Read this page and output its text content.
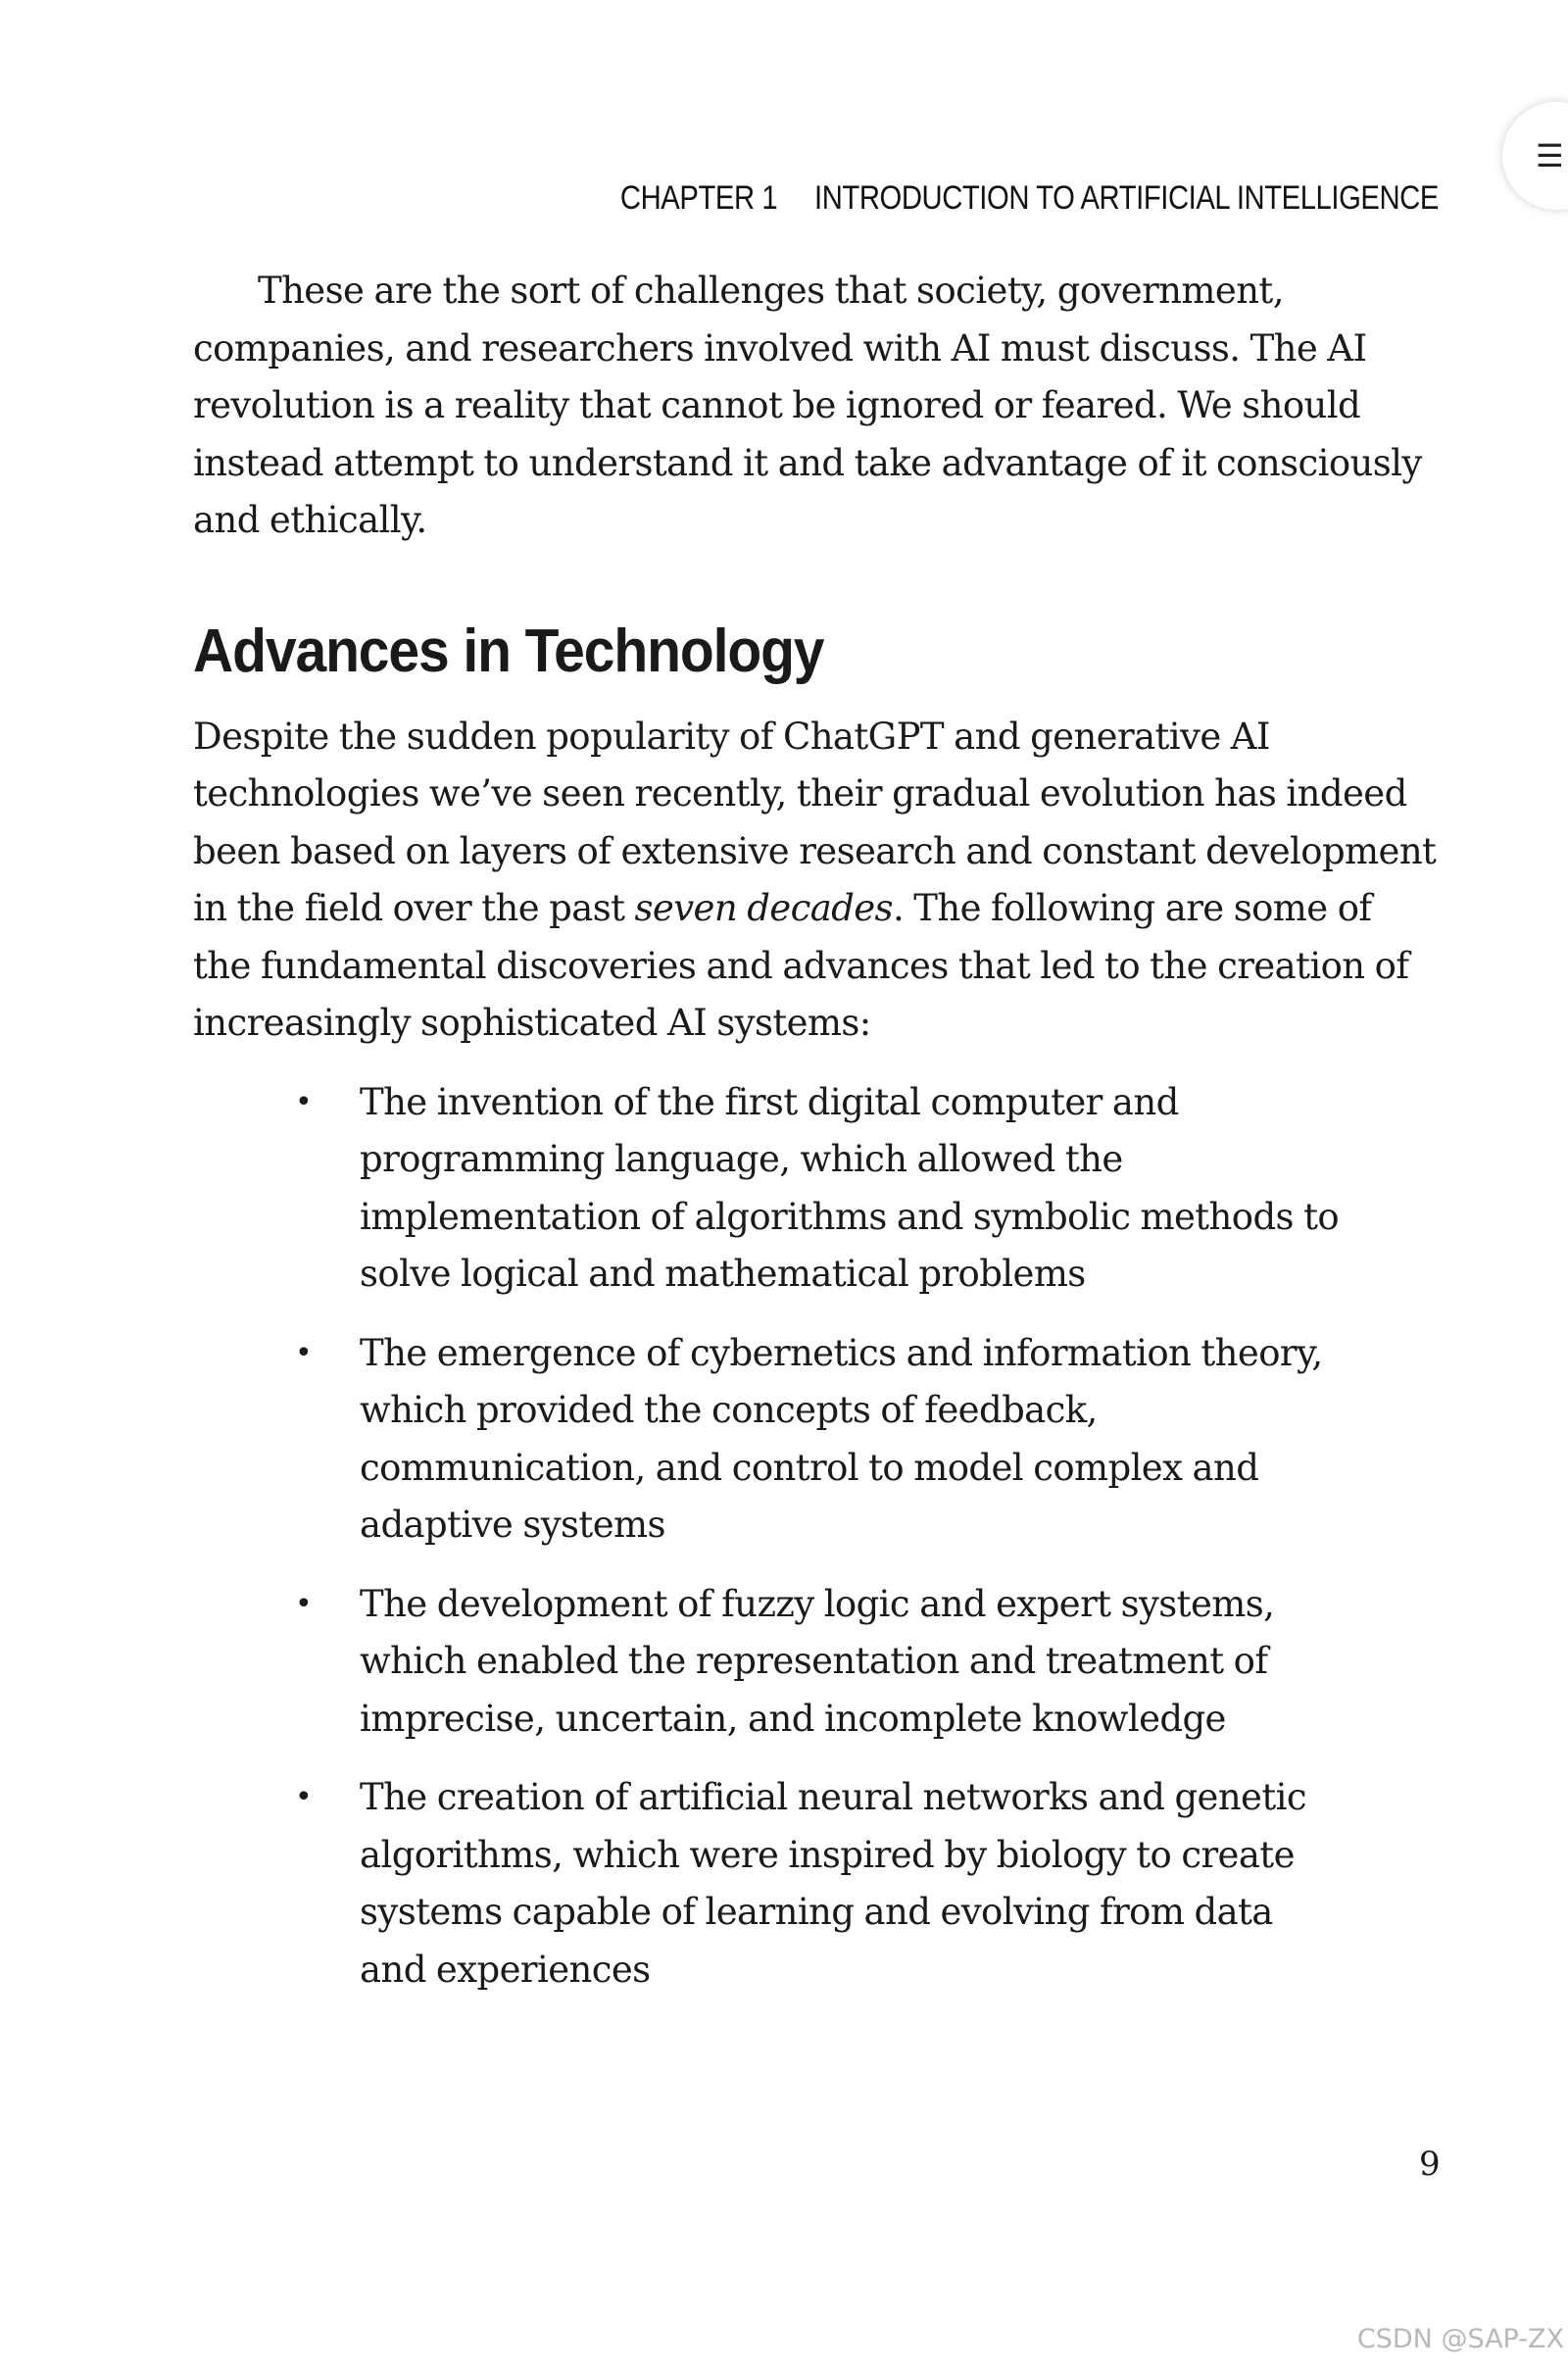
CHAPTER 1 INTRODUCTION TO ARTIFICIAL INTELLIGENCE
☰

These are the sort of challenges that society, government, companies, and researchers involved with AI must discuss. The AI revolution is a reality that cannot be ignored or feared. We should instead attempt to understand it and take advantage of it consciously and ethically.

Advances in Technology

Despite the sudden popularity of ChatGPT and generative AI technologies we’ve seen recently, their gradual evolution has indeed been based on layers of extensive research and constant development in the field over the past seven decades. The following are some of the fundamental discoveries and advances that led to the creation of increasingly sophisticated AI systems:

• The invention of the first digital computer and programming language, which allowed the implementation of algorithms and symbolic methods to solve logical and mathematical problems

• The emergence of cybernetics and information theory, which provided the concepts of feedback, communication, and control to model complex and adaptive systems

• The development of fuzzy logic and expert systems, which enabled the representation and treatment of imprecise, uncertain, and incomplete knowledge

• The creation of artificial neural networks and genetic algorithms, which were inspired by biology to create systems capable of learning and evolving from data and experiences

9
CSDN @SAP-ZX
